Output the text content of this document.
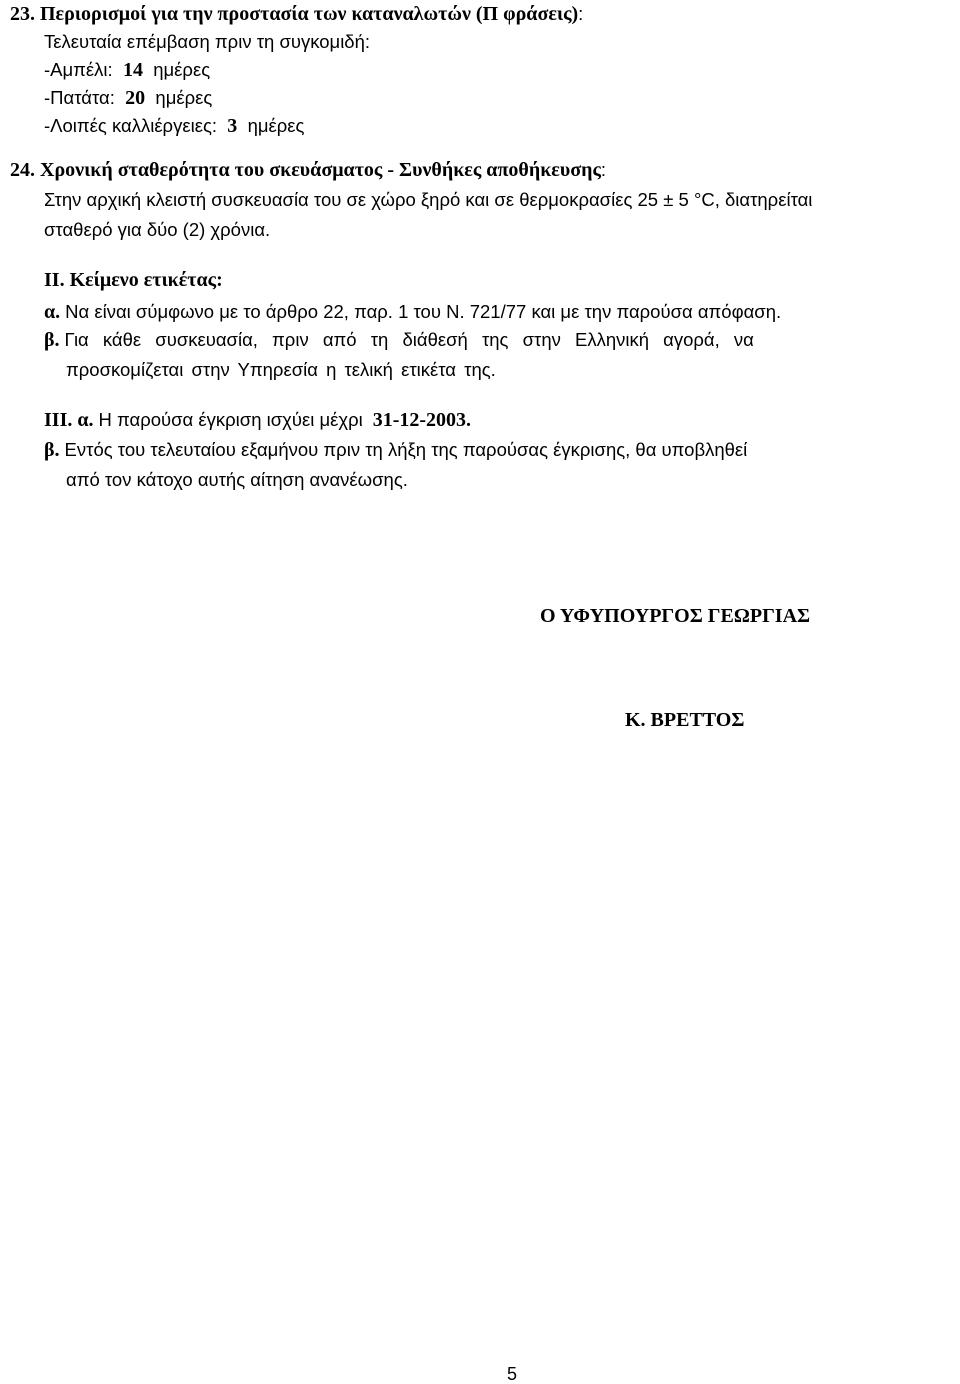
23. Περιορισμοί για την προστασία των καταναλωτών (Π φράσεις):
Τελευταία επέμβαση πριν τη συγκομιδή:
-Αμπέλι: 14 ημέρες
-Πατάτα: 20 ημέρες
-Λοιπές καλλιέργειες: 3 ημέρες
24. Χρονική σταθερότητα του σκευάσματος - Συνθήκες αποθήκευσης:
Στην αρχική κλειστή συσκευασία του σε χώρο ξηρό και σε θερμοκρασίες 25 ± 5 °C, διατηρείται
σταθερό για δύο (2) χρόνια.
ΙΙ. Κείμενο ετικέτας:
α. Να είναι σύμφωνο με το άρθρο 22, παρ. 1 του Ν. 721/77 και με την παρούσα απόφαση.
β. Για κάθε συσκευασία, πριν από τη διάθεσή της στην Ελληνική αγορά, να
προσκομίζεται στην Υπηρεσία η τελική ετικέτα της.
ΙΙΙ. α. Η παρούσα έγκριση ισχύει μέχρι 31-12-2003.
β. Εντός του τελευταίου εξαμήνου πριν τη λήξη της παρούσας έγκρισης, θα υποβληθεί
από τον κάτοχο αυτής αίτηση ανανέωσης.
Ο ΥΦΥΠΟΥΡΓΟΣ ΓΕΩΡΓΙΑΣ
Κ. ΒΡΕΤΤΟΣ
5
